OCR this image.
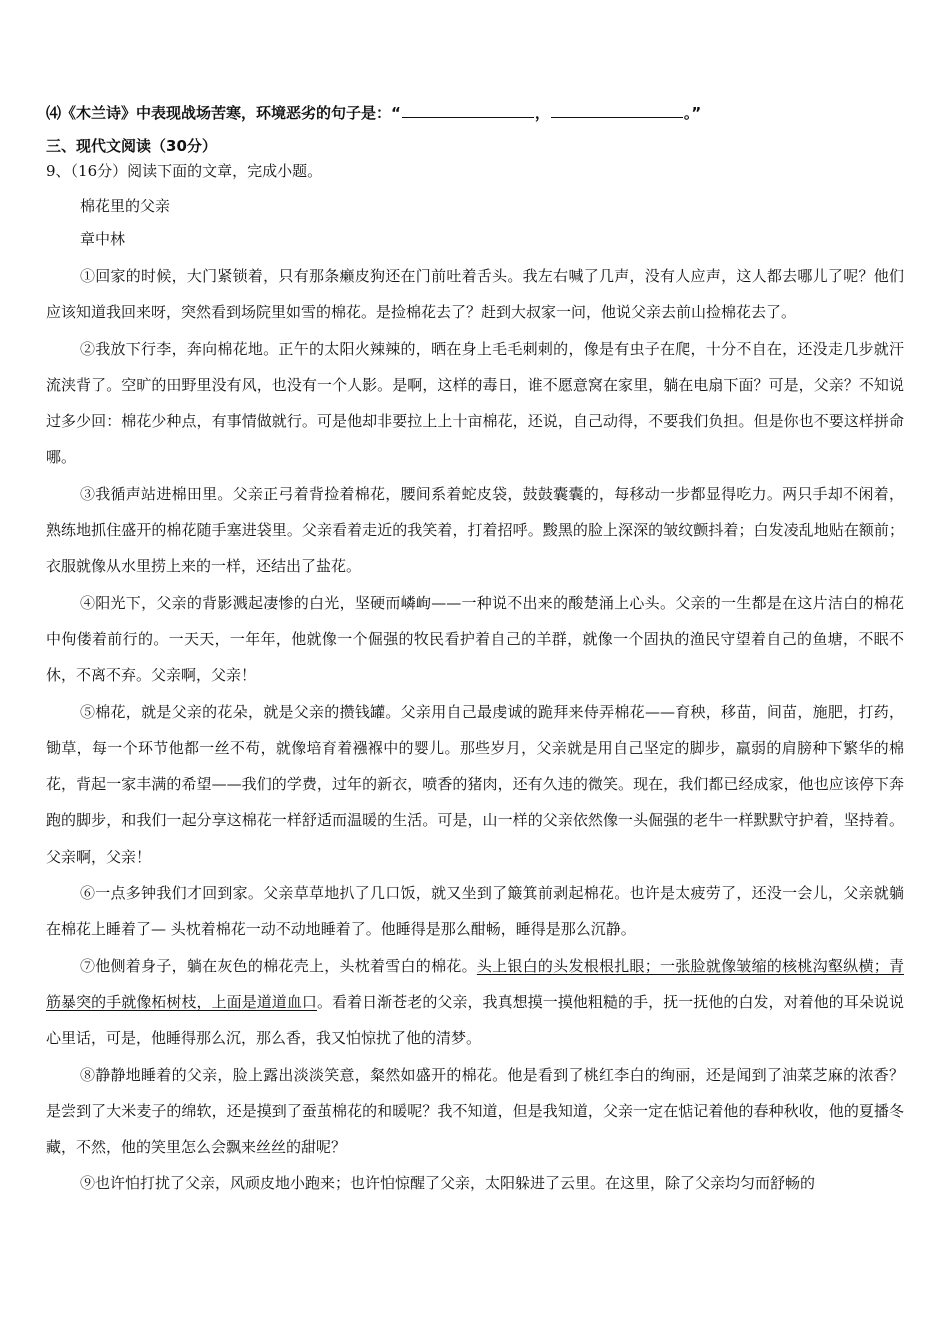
⑷《木兰诗》中表现战场苦寒，环境恶劣的句子是：“	，	。”
三、现代文阅读（30分）
9、（16分）阅读下面的文章，完成小题。
棉花里的父亲
章中林

①回家的时候，大门紧锁着，只有那条癞皮狗还在门前吐着舌头。我左右喊了几声，没有人应声，这人都去哪儿了呢？他们应该知道我回来呀，突然看到场院里如雪的棉花。是捡棉花去了？赶到大叔家一问，他说父亲去前山捡棉花去了。

②我放下行李，奔向棉花地。正午的太阳火辣辣的，晒在身上毛毛刺刺的，像是有虫子在爬，十分不自在，还没走几步就汗流浃背了。空旷的田野里没有风，也没有一个人影。是啊，这样的毒日，谁不愿意窝在家里，躺在电扇下面？可是，父亲？不知说过多少回：棉花少种点，有事情做就行。可是他却非要拉上上十亩棉花，还说，自己动得，不要我们负担。但是你也不要这样拼命哪。

③我循声站进棉田里。父亲正弓着背捡着棉花，腰间系着蛇皮袋，鼓鼓囊囊的，每移动一步都显得吃力。两只手却不闲着，熟练地抓住盛开的棉花随手塞进袋里。父亲看着走近的我笑着，打着招呼。黢黑的脸上深深的皱纹颤抖着；白发凌乱地贴在额前；衣服就像从水里捞上来的一样，还结出了盐花。

④阳光下，父亲的背影溅起凄惨的白光，坚硬而嶙峋——一种说不出来的酸楚涌上心头。父亲的一生都是在这片洁白的棉花中佝偻着前行的。一天天，一年年，他就像一个倔强的牧民看护着自己的羊群，就像一个固执的渔民守望着自己的鱼塘，不眠不休，不离不弃。父亲啊，父亲！

⑤棉花，就是父亲的花朵，就是父亲的攒钱罐。父亲用自己最虔诚的跪拜来侍弄棉花——育秧，移苗，间苗，施肥，打药，锄草，每一个环节他都一丝不苟，就像培育着襁褓中的婴儿。那些岁月，父亲就是用自己坚定的脚步，羸弱的肩膀种下繁华的棉花，背起一家丰满的希望——我们的学费，过年的新衣，喷香的猪肉，还有久违的微笑。现在，我们都已经成家，他也应该停下奔跑的脚步，和我们一起分享这棉花一样舒适而温暖的生活。可是，山一样的父亲依然像一头倔强的老牛一样默默守护着，坚持着。父亲啊，父亲！

⑥一点多钟我们才回到家。父亲草草地扒了几口饭，就又坐到了簸箕前剥起棉花。也许是太疲劳了，还没一会儿，父亲就躺在棉花上睡着了— 头枕着棉花一动不动地睡着了。他睡得是那么酣畅，睡得是那么沉静。

⑦他侧着身子，躺在灰色的棉花壳上，头枕着雪白的棉花。头上银白的头发根根扎眼；一张脸就像皱缩的核桃沟壑纵横；青筋暴突的手就像柘树枝，上面是道道血口。看着日渐苍老的父亲，我真想摸一摸他粗糙的手，抚一抚他的白发，对着他的耳朵说说心里话，可是，他睡得那么沉，那么香，我又怕惊扰了他的清梦。

⑧静静地睡着的父亲，脸上露出淡淡笑意，粲然如盛开的棉花。他是看到了桃红李白的绚丽，还是闻到了油菜芝麻的浓香？是尝到了大米麦子的绵软，还是摸到了蚕茧棉花的和暖呢？我不知道，但是我知道，父亲一定在惦记着他的春种秋收，他的夏播冬藏，不然，他的笑里怎么会飘来丝丝的甜呢？

⑨也许怕打扰了父亲，风顽皮地小跑来；也许怕惊醒了父亲，太阳躲进了云里。在这里，除了父亲均匀而舒畅的
